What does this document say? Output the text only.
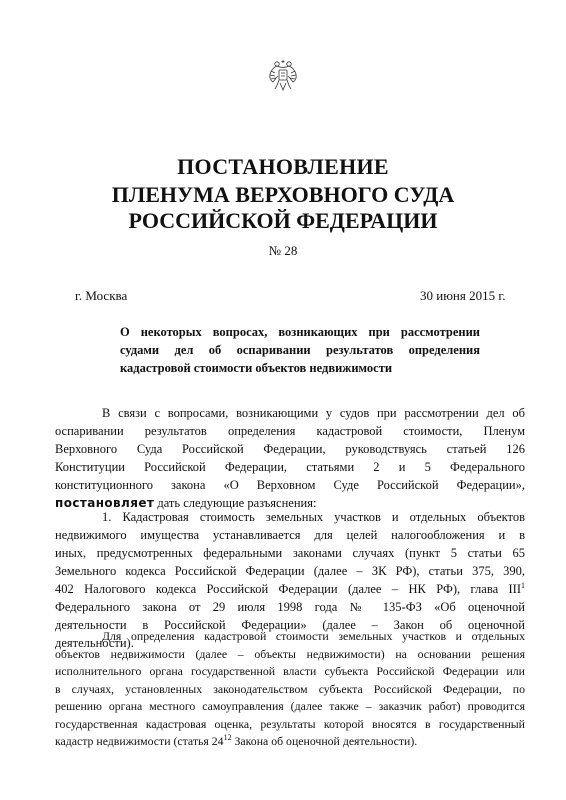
ПОСТАНОВЛЕНИЕ
ПЛЕНУМА ВЕРХОВНОГО СУДА
РОССИЙСКОЙ ФЕДЕРАЦИИ
№ 28
г. Москва	30 июня 2015 г.
О некоторых вопросах, возникающих при рассмотрении
судами дел об оспаривании результатов определения
кадастровой стоимости объектов недвижимости
В связи с вопросами, возникающими у судов при рассмотрении дел об
оспаривании результатов определения кадастровой стоимости, Пленум
Верховного Суда Российской Федерации, руководствуясь статьей 126
Конституции Российской Федерации, статьями 2 и 5 Федерального
конституционного закона «О Верховном Суде Российской Федерации»,
постановляет дать следующие разъяснения:
1. Кадастровая стоимость земельных участков и отдельных объектов
недвижимого имущества устанавливается для целей налогообложения и в
иных, предусмотренных федеральными законами случаях (пункт 5 статьи 65
Земельного кодекса Российской Федерации (далее – ЗК РФ), статьи 375, 390,
402 Налогового кодекса Российской Федерации (далее – НК РФ), глава III$^1$
Федерального закона от 29 июля 1998 года № 135-ФЗ «Об оценочной
деятельности в Российской Федерации» (далее – Закон об оценочной
деятельности).
Для определения кадастровой стоимости земельных участков и отдельных
объектов недвижимости (далее – объекты недвижимости) на основании решения
исполнительного органа государственной власти субъекта Российской Федерации или
в случаях, установленных законодательством субъекта Российской Федерации, по
решению органа местного самоуправления (далее также – заказчик работ) проводится
государственная кадастровая оценка, результаты которой вносятся в государственный
кадастр недвижимости (статья $24^{12}$ Закона об оценочной деятельности).
